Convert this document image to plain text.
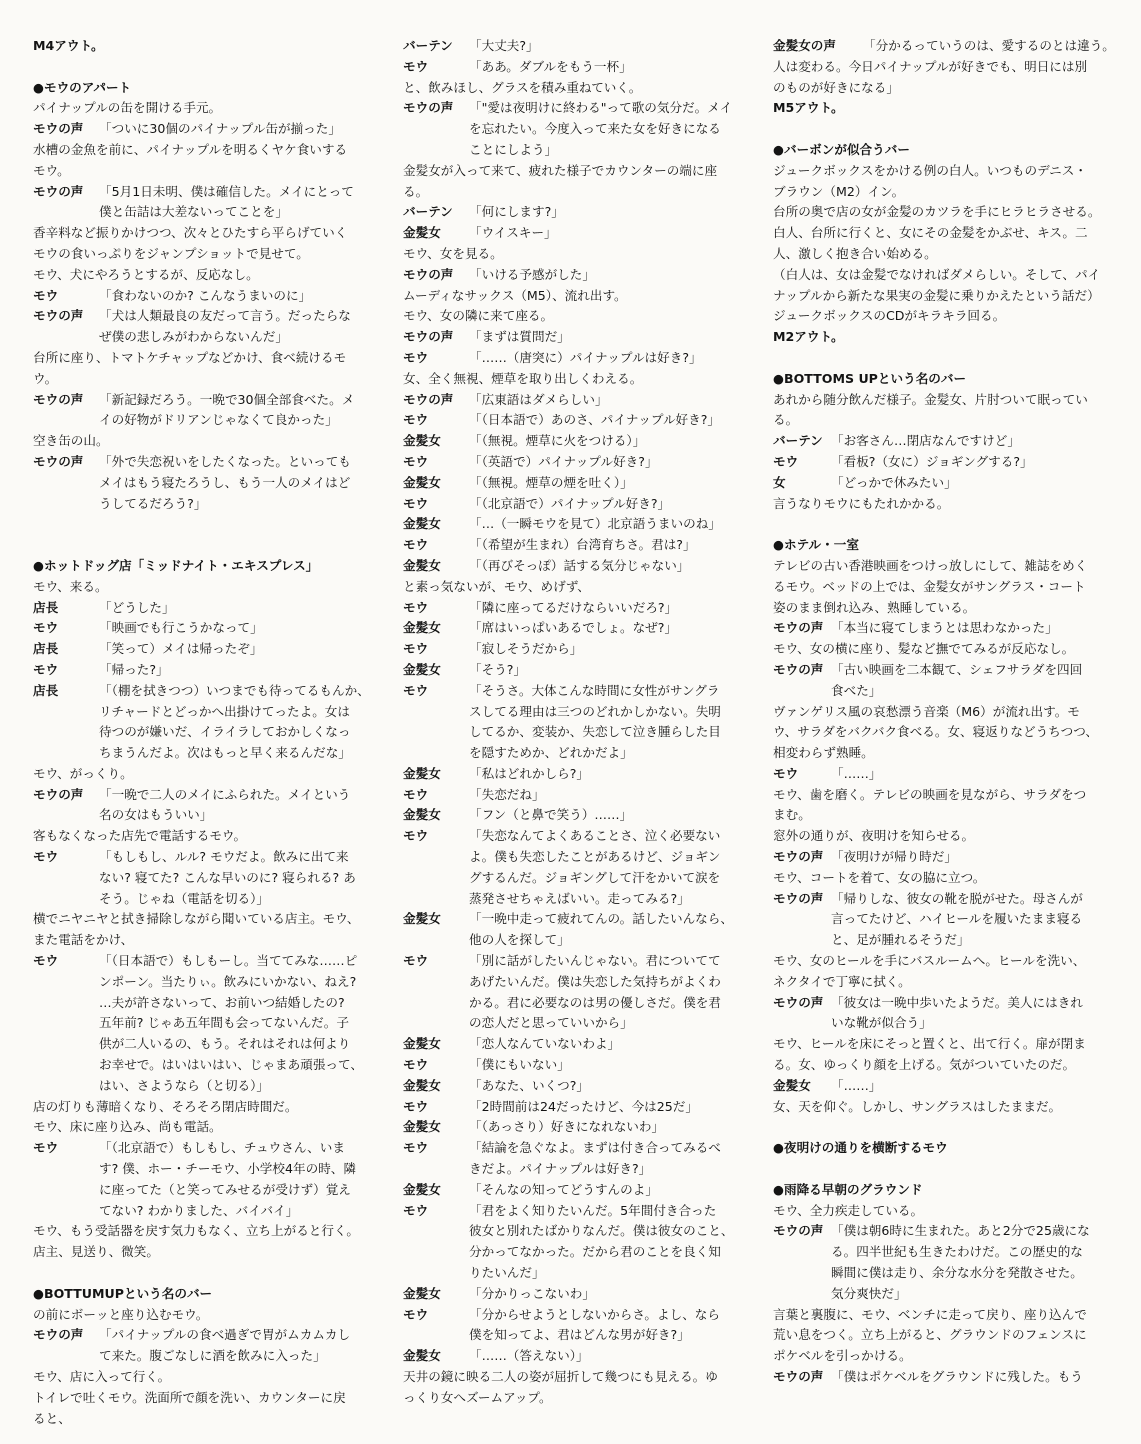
M4アウト。
●モウのアパート
パイナップルの缶を開ける手元。
モウの声	「ついに30個のパイナップル缶が揃った」
水槽の金魚を前に、パイナップルを明るくヤケ食いする
モウ。
モウの声	「5月1日未明、僕は確信した。メイにとって
僕と缶詰は大差ないってことを」
香辛料など振りかけつつ、次々とひたすら平らげていく
モウの食いっぷりをジャンプショットで見せて。
モウ、犬にやろうとするが、反応なし。
モウ	「食わないのか? こんなうまいのに」
モウの声	「犬は人類最良の友だって言う。だったらな
ぜ僕の悲しみがわからないんだ」
台所に座り、トマトケチャップなどかけ、食べ続けるモ
ウ。
モウの声	「新記録だろう。一晩で30個全部食べた。メ
イの好物がドリアンじゃなくて良かった」
空き缶の山。
モウの声	「外で失恋祝いをしたくなった。といっても
メイはもう寝たろうし、もう一人のメイはど
うしてるだろう?」
●ホットドッグ店「ミッドナイト・エキスプレス」
モウ、来る。
店長	「どうした」
モウ	「映画でも行こうかなって」
店長	「笑って）メイは帰ったぞ」
モウ	「帰った?」
店長	「（棚を拭きつつ）いつまでも待ってるもんか、
リチャードとどっかへ出掛けてったよ。女は
待つのが嫌いだ、イライラしておかしくなっ
ちまうんだよ。次はもっと早く来るんだな」
モウ、がっくり。
モウの声	「一晩で二人のメイにふられた。メイという
名の女はもういい」
客もなくなった店先で電話するモウ。
モウ	「もしもし、ルル? モウだよ。飲みに出て来
ない? 寝てた? こんな早いのに? 寝られる? あ
そう。じゃね（電話を切る）」
横でニヤニヤと拭き掃除しながら聞いている店主。モウ、
また電話をかけ、
モウ	「（日本語で）もしもーし。当ててみな……ピ
ンポーン。当たりぃ。飲みにいかない、ねえ?
…夫が許さないって、お前いつ結婚したの?
五年前? じゃあ五年間も会ってないんだ。子
供が二人いるの、もう。それはそれは何より
お幸せで。はいはいはい、じゃまあ頑張って、
はい、さようなら（と切る）」
店の灯りも薄暗くなり、そろそろ閉店時間だ。
モウ、床に座り込み、尚も電話。
モウ	「（北京語で）もしもし、チュウさん、いま
す? 僕、ホー・チーモウ、小学校4年の時、隣
に座ってた（と笑ってみせるが受けず）覚え
てない? わかりました、バイバイ」
モウ、もう受話器を戻す気力もなく、立ち上がると行く。
店主、見送り、微笑。
●BOTTUMUPという名のバー
の前にボーッと座り込むモウ。
モウの声	「パイナップルの食べ過ぎで胃がムカムカし
て来た。腹ごなしに酒を飲みに入った」
モウ、店に入って行く。
トイレで吐くモウ。洗面所で顔を洗い、カウンターに戻
ると、
バーテン	「大丈夫?」
モウ	「ああ。ダブルをもう一杯」
と、飲みほし、グラスを積み重ねていく。
モウの声	「"愛は夜明けに終わる"って歌の気分だ。メイ
を忘れたい。今度入って来た女を好きになる
ことにしよう」
金髪女が入って来て、疲れた様子でカウンターの端に座
る。
バーテン	「何にします?」
金髪女	「ウイスキー」
モウ、女を見る。
モウの声	「いける予感がした」
ムーディなサックス（M5）、流れ出す。
モウ、女の隣に来て座る。
モウの声	「まずは質問だ」
モウ	「……（唐突に）パイナップルは好き?」
女、全く無視、煙草を取り出しくわえる。
モウの声	「広東語はダメらしい」
モウ	「（日本語で）あのさ、パイナップル好き?」
金髪女	「（無視。煙草に火をつける）」
モウ	「（英語で）パイナップル好き?」
金髪女	「（無視。煙草の煙を吐く）」
モウ	「（北京語で）パイナップル好き?」
金髪女	「…（一瞬モウを見て）北京語うまいのね」
モウ	「（希望が生まれ）台湾育ちさ。君は?」
金髪女	「（再びそっぽ）話する気分じゃない」
と素っ気ないが、モウ、めげず、
モウ	「隣に座ってるだけならいいだろ?」
金髪女	「席はいっぱいあるでしょ。なぜ?」
モウ	「寂しそうだから」
金髪女	「そう?」
モウ	「そうさ。大体こんな時間に女性がサングラ
スしてる理由は三つのどれかしかない。失明
してるか、変装か、失恋して泣き腫らした目
を隠すためか、どれかだよ」
金髪女	「私はどれかしら?」
モウ	「失恋だね」
金髪女	「フン（と鼻で笑う）……」
モウ	「失恋なんてよくあることさ、泣く必要ない
よ。僕も失恋したことがあるけど、ジョギン
グするんだ。ジョギングして汗をかいて涙を
蒸発させちゃえばいい。走ってみる?」
金髪女	「一晩中走って疲れてんの。話したいんなら、
他の人を探して」
モウ	「別に話がしたいんじゃない。君についてて
あげたいんだ。僕は失恋した気持ちがよくわ
かる。君に必要なのは男の優しさだ。僕を君
の恋人だと思っていいから」
金髪女	「恋人なんていないわよ」
モウ	「僕にもいない」
金髪女	「あなた、いくつ?」
モウ	「2時間前は24だったけど、今は25だ」
金髪女	「（あっさり）好きになれないわ」
モウ	「結論を急ぐなよ。まずは付き合ってみるべ
きだよ。パイナップルは好き?」
金髪女	「そんなの知ってどうすんのよ」
モウ	「君をよく知りたいんだ。5年間付き合った
彼女と別れたばかりなんだ。僕は彼女のこと、
分かってなかった。だから君のことを良く知
りたいんだ」
金髪女	「分かりっこないわ」
モウ	「分からせようとしないからさ。よし、なら
僕を知ってよ、君はどんな男が好き?」
金髪女	「……（答えない）」
天井の鏡に映る二人の姿が屈折して幾つにも見える。ゆ
っくり女へズームアップ。
金髪女の声	「分かるっていうのは、愛するのとは違う。
人は変わる。今日パイナップルが好きでも、明日には別
のものが好きになる」
M5アウト。
●バーボンが似合うバー
ジュークボックスをかける例の白人。いつものデニス・
ブラウン（M2）イン。
台所の奥で店の女が金髪のカツラを手にヒラヒラさせる。
白人、台所に行くと、女にその金髪をかぶせ、キス。二
人、激しく抱き合い始める。
（白人は、女は金髪でなければダメらしい。そして、パイ
ナップルから新たな果実の金髪に乗りかえたという話だ）
ジュークボックスのCDがキラキラ回る。
M2アウト。
●BOTTOMS UPという名のバー
あれから随分飲んだ様子。金髪女、片肘ついて眠ってい
る。
バーテン 「お客さん…閉店なんですけど」
モウ	「看板?（女に）ジョギングする?」
女	「どっかで休みたい」
言うなりモウにもたれかかる。
●ホテル・一室
テレビの古い香港映画をつけっ放しにして、雑誌をめく
るモウ。ベッドの上では、金髪女がサングラス・コート
姿のまま倒れ込み、熟睡している。
モウの声 「本当に寝てしまうとは思わなかった」
モウ、女の横に座り、髪など撫でてみるが反応なし。
モウの声 「古い映画を二本観て、シェフサラダを四回
食べた」
ヴァンゲリス風の哀愁漂う音楽（M6）が流れ出す。モ
ウ、サラダをバクバク食べる。女、寝返りなどうちつつ、
相変わらず熟睡。
モウ	「……」
モウ、歯を磨く。テレビの映画を見ながら、サラダをつ
まむ。
窓外の通りが、夜明けを知らせる。
モウの声 「夜明けが帰り時だ」
モウ、コートを着て、女の脇に立つ。
モウの声 「帰りしな、彼女の靴を脱がせた。母さんが
言ってたけど、ハイヒールを履いたまま寝る
と、足が腫れるそうだ」
モウ、女のヒールを手にバスルームへ。ヒールを洗い、
ネクタイで丁寧に拭く。
モウの声 「彼女は一晩中歩いたようだ。美人にはきれ
いな靴が似合う」
モウ、ヒールを床にそっと置くと、出て行く。扉が閉ま
る。女、ゆっくり顔を上げる。気がついていたのだ。
金髪女	「……」
女、天を仰ぐ。しかし、サングラスはしたままだ。
●夜明けの通りを横断するモウ
●雨降る早朝のグラウンド
モウ、全力疾走している。
モウの声 「僕は朝6時に生まれた。あと2分で25歳にな
る。四半世紀も生きたわけだ。この歴史的な
瞬間に僕は走り、余分な水分を発散させた。
気分爽快だ」
言葉と裏腹に、モウ、ベンチに走って戻り、座り込んで
荒い息をつく。立ち上がると、グラウンドのフェンスに
ポケベルを引っかける。
モウの声 「僕はポケベルをグラウンドに残した。もう
